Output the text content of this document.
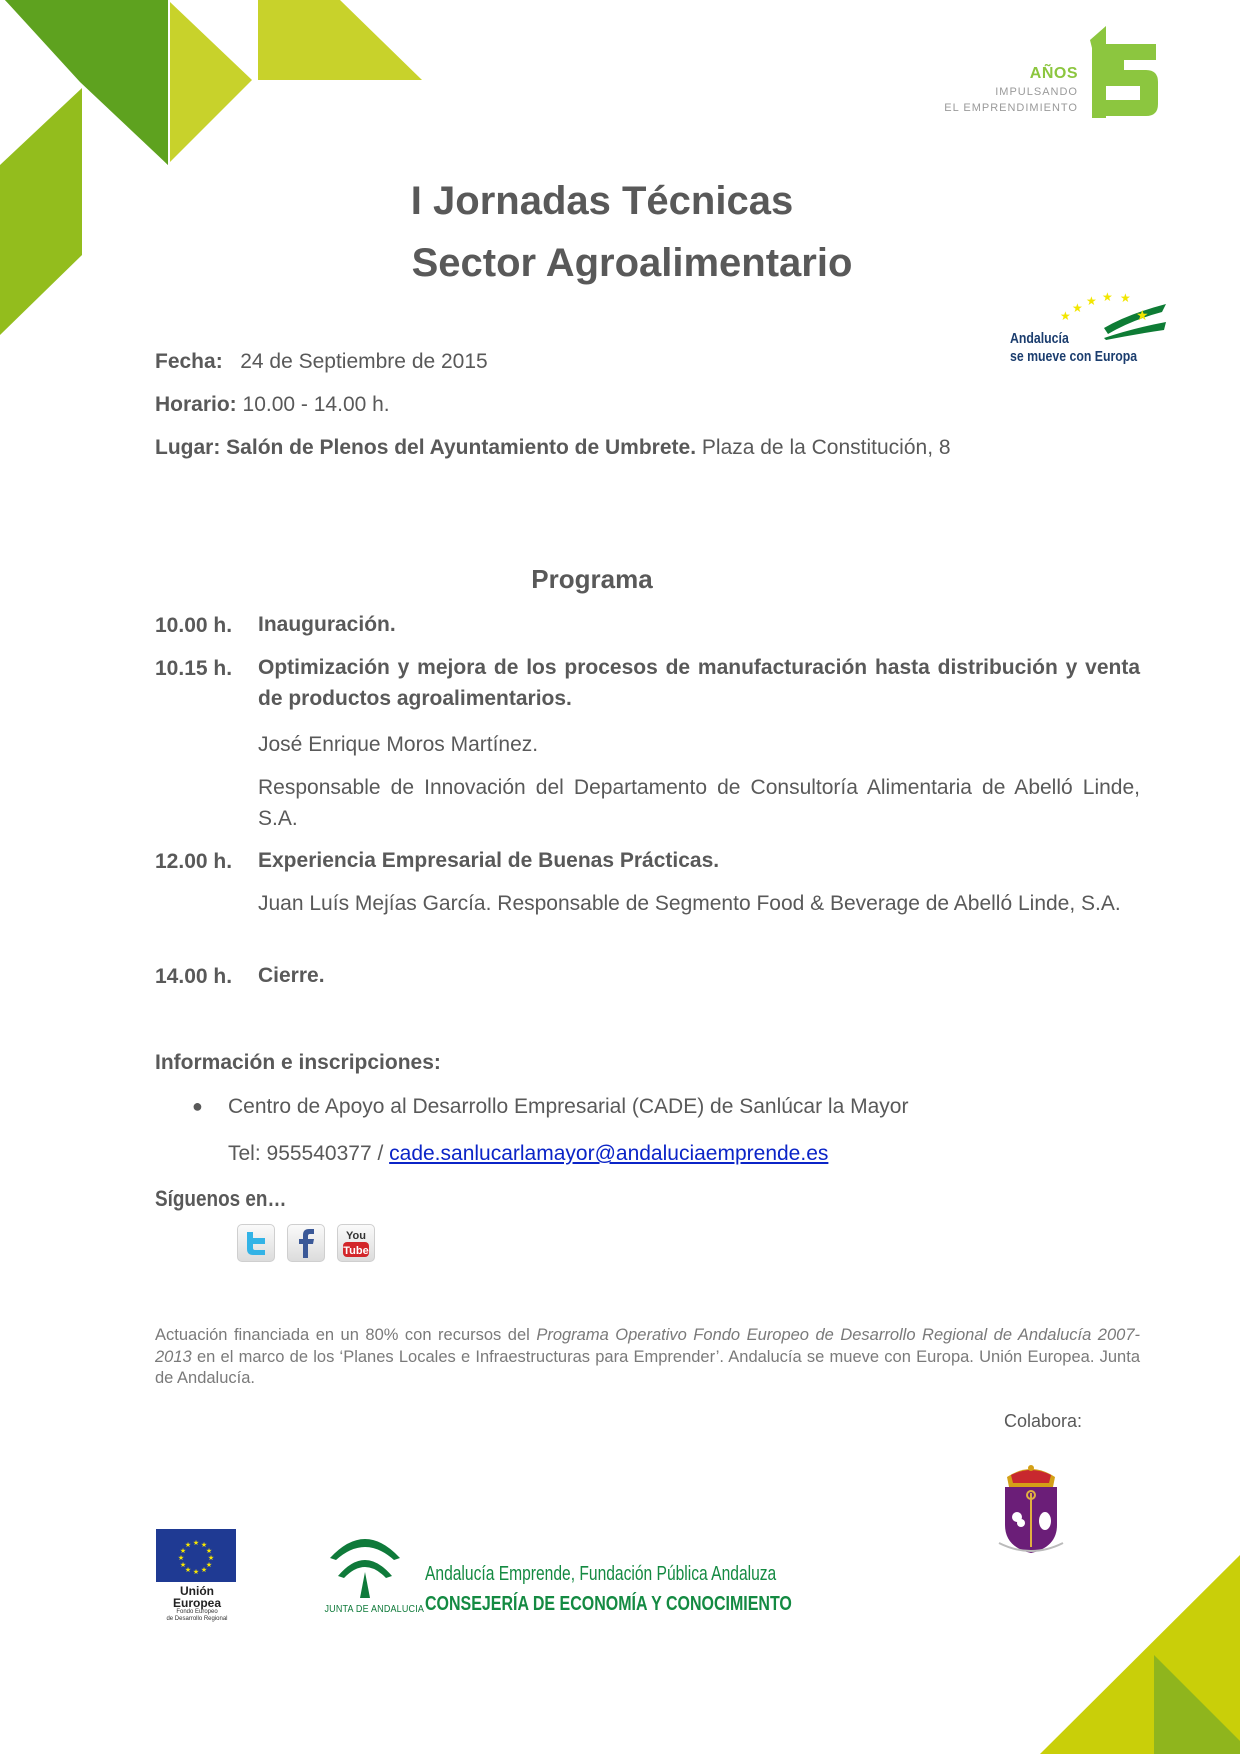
AÑOS
IMPULSANDO
EL EMPRENDIMIENTO
★
★ ★ ★ ★
★
Andalucía
se mueve con Europa
I Jornadas Técnicas
Sector Agroalimentario
Fecha: 24 de Septiembre de 2015
Horario: 10.00 - 14.00 h.
Lugar: Salón de Plenos del Ayuntamiento de Umbrete. Plaza de la Constitución, 8
Programa
10.00 h. Inauguración.
10.15 h. Optimización y mejora de los procesos de manufacturación hasta distribución y venta de productos agroalimentarios.
José Enrique Moros Martínez.
Responsable de Innovación del Departamento de Consultoría Alimentaria de Abelló Linde, S.A.
12.00 h. Experiencia Empresarial de Buenas Prácticas.
Juan Luís Mejías García. Responsable de Segmento Food & Beverage de Abelló Linde, S.A.
14.00 h. Cierre.
Información e inscripciones:
● Centro de Apoyo al Desarrollo Empresarial (CADE) de Sanlúcar la Mayor
Tel: 955540377 / cade.sanlucarlamayor@andaluciaemprende.es
Síguenos en…
You
Tube
Actuación financiada en un 80% con recursos del Programa Operativo Fondo Europeo de Desarrollo Regional de Andalucía 2007-2013 en el marco de los ‘Planes Locales e Infraestructuras para Emprender’. Andalucía se mueve con Europa. Unión Europea. Junta de Andalucía.
Colabora:
★ ★
★
★
★
★
★
★
★
★
★
★
Unión Europea
Fondo Europeo
de Desarrollo Regional
JUNTA DE ANDALUCIA
Andalucía Emprende, Fundación Pública Andaluza
CONSEJERÍA DE ECONOMÍA Y CONOCIMIENTO
